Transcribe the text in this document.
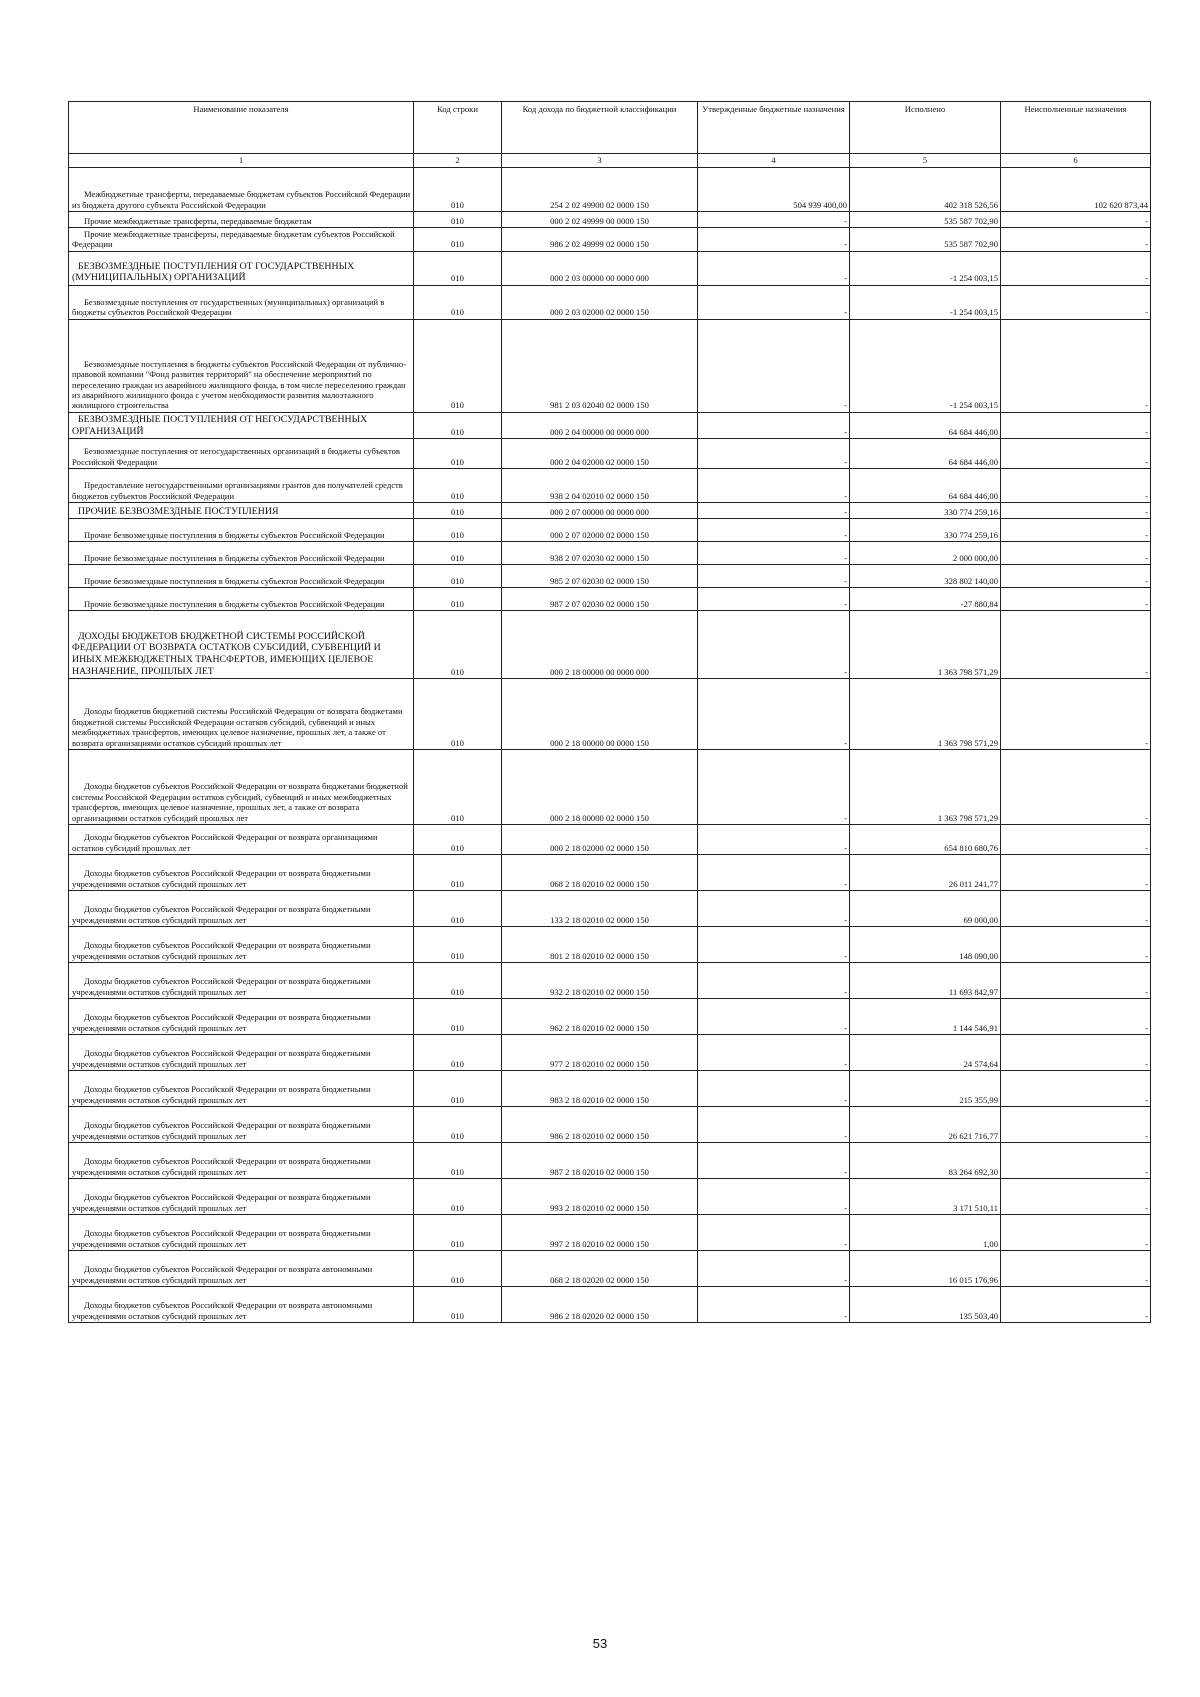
Наименование показателя	Код строки	Код дохода по бюджетной классификации	Утвержденные бюджетные назначения	Исполнено	Неисполненные назначения
1	2	3	4	5	6

Межбюджетные трансферты, передаваемые бюджетам субъектов Российской Федерации из бюджета другого субъекта Российской Федерации	010	254 2 02 49900 02 0000 150	504 939 400,00	402 318 526,56	102 620 873,44

Прочие межбюджетные трансферты, передаваемые бюджетам	010	000 2 02 49999 00 0000 150	-	535 587 702,90	-

Прочие межбюджетные трансферты, передаваемые бюджетам субъектов Российской Федерации	010	986 2 02 49999 02 0000 150	-	535 587 702,90	-

БЕЗВОЗМЕЗДНЫЕ ПОСТУПЛЕНИЯ ОТ ГОСУДАРСТВЕННЫХ (МУНИЦИПАЛЬНЫХ) ОРГАНИЗАЦИЙ	010	000 2 03 00000 00 0000 000	-	-1 254 003,15	-

Безвозмездные поступления от государственных (муниципальных) организаций в бюджеты субъектов Российской Федерации	010	000 2 03 02000 02 0000 150	-	-1 254 003,15	-

Безвозмездные поступления в бюджеты субъектов Российской Федерации от публично-правовой компании "Фонд развития территорий" на обеспечение мероприятий по переселению граждан из аварийного жилищного фонда, в том числе переселению граждан из аварийного жилищного фонда с учетом необходимости развития малоэтажного жилищного строительства	010	981 2 03 02040 02 0000 150	-	-1 254 003,15	-

БЕЗВОЗМЕЗДНЫЕ ПОСТУПЛЕНИЯ ОТ НЕГОСУДАРСТВЕННЫХ ОРГАНИЗАЦИЙ	010	000 2 04 00000 00 0000 000	-	64 684 446,00	-

Безвозмездные поступления от негосударственных организаций в бюджеты субъектов Российской Федерации	010	000 2 04 02000 02 0000 150	-	64 684 446,00	-

Предоставление негосударственными организациями грантов для получателей средств бюджетов субъектов Российской Федерации	010	938 2 04 02010 02 0000 150	-	64 684 446,00	-

ПРОЧИЕ БЕЗВОЗМЕЗДНЫЕ ПОСТУПЛЕНИЯ	010	000 2 07 00000 00 0000 000	-	330 774 259,16	-

Прочие безвозмездные поступления в бюджеты субъектов Российской Федерации	010	000 2 07 02000 02 0000 150	-	330 774 259,16	-

Прочие безвозмездные поступления в бюджеты субъектов Российской Федерации	010	938 2 07 02030 02 0000 150	-	2 000 000,00	-

Прочие безвозмездные поступления в бюджеты субъектов Российской Федерации	010	985 2 07 02030 02 0000 150	-	328 802 140,00	-

Прочие безвозмездные поступления в бюджеты субъектов Российской Федерации	010	987 2 07 02030 02 0000 150	-	-27 880,84	-

ДОХОДЫ БЮДЖЕТОВ БЮДЖЕТНОЙ СИСТЕМЫ РОССИЙСКОЙ ФЕДЕРАЦИИ ОТ ВОЗВРАТА ОСТАТКОВ СУБСИДИЙ, СУБВЕНЦИЙ И ИНЫХ МЕЖБЮДЖЕТНЫХ ТРАНСФЕРТОВ, ИМЕЮЩИХ ЦЕЛЕВОЕ НАЗНАЧЕНИЕ, ПРОШЛЫХ ЛЕТ	010	000 2 18 00000 00 0000 000	-	1 363 798 571,29	-

Доходы бюджетов бюджетной системы Российской Федерации от возврата бюджетами бюджетной системы Российской Федерации остатков субсидий, субвенций и иных межбюджетных трансфертов, имеющих целевое назначение, прошлых лет, а также от возврата организациями остатков субсидий прошлых лет	010	000 2 18 00000 00 0000 150	-	1 363 798 571,29	-

Доходы бюджетов субъектов Российской Федерации от возврата бюджетами бюджетной системы Российской Федерации остатков субсидий, субвенций и иных межбюджетных трансфертов, имеющих целевое назначение, прошлых лет, а также от возврата организациями остатков субсидий прошлых лет	010	000 2 18 00000 02 0000 150	-	1 363 798 571,29	-

Доходы бюджетов субъектов Российской Федерации от возврата организациями остатков субсидий прошлых лет	010	000 2 18 02000 02 0000 150	-	654 810 680,76	-

Доходы бюджетов субъектов Российской Федерации от возврата бюджетными учреждениями остатков субсидий прошлых лет	010	068 2 18 02010 02 0000 150	-	26 011 241,77	-

Доходы бюджетов субъектов Российской Федерации от возврата бюджетными учреждениями остатков субсидий прошлых лет	010	133 2 18 02010 02 0000 150	-	69 000,00	-

Доходы бюджетов субъектов Российской Федерации от возврата бюджетными учреждениями остатков субсидий прошлых лет	010	801 2 18 02010 02 0000 150	-	148 090,00	-

Доходы бюджетов субъектов Российской Федерации от возврата бюджетными учреждениями остатков субсидий прошлых лет	010	932 2 18 02010 02 0000 150	-	11 693 842,97	-

Доходы бюджетов субъектов Российской Федерации от возврата бюджетными учреждениями остатков субсидий прошлых лет	010	962 2 18 02010 02 0000 150	-	1 144 546,91	-

Доходы бюджетов субъектов Российской Федерации от возврата бюджетными учреждениями остатков субсидий прошлых лет	010	977 2 18 02010 02 0000 150	-	24 574,64	-

Доходы бюджетов субъектов Российской Федерации от возврата бюджетными учреждениями остатков субсидий прошлых лет	010	983 2 18 02010 02 0000 150	-	215 355,99	-

Доходы бюджетов субъектов Российской Федерации от возврата бюджетными учреждениями остатков субсидий прошлых лет	010	986 2 18 02010 02 0000 150	-	26 621 716,77	-

Доходы бюджетов субъектов Российской Федерации от возврата бюджетными учреждениями остатков субсидий прошлых лет	010	987 2 18 02010 02 0000 150	-	83 264 692,30	-

Доходы бюджетов субъектов Российской Федерации от возврата бюджетными учреждениями остатков субсидий прошлых лет	010	993 2 18 02010 02 0000 150	-	3 171 510,11	-

Доходы бюджетов субъектов Российской Федерации от возврата бюджетными учреждениями остатков субсидий прошлых лет	010	997 2 18 02010 02 0000 150	-	1,00	-

Доходы бюджетов субъектов Российской Федерации от возврата автономными учреждениями остатков субсидий прошлых лет	010	068 2 18 02020 02 0000 150	-	16 015 176,96	-

Доходы бюджетов субъектов Российской Федерации от возврата автономными учреждениями остатков субсидий прошлых лет	010	986 2 18 02020 02 0000 150	-	135 503,40	-
53
